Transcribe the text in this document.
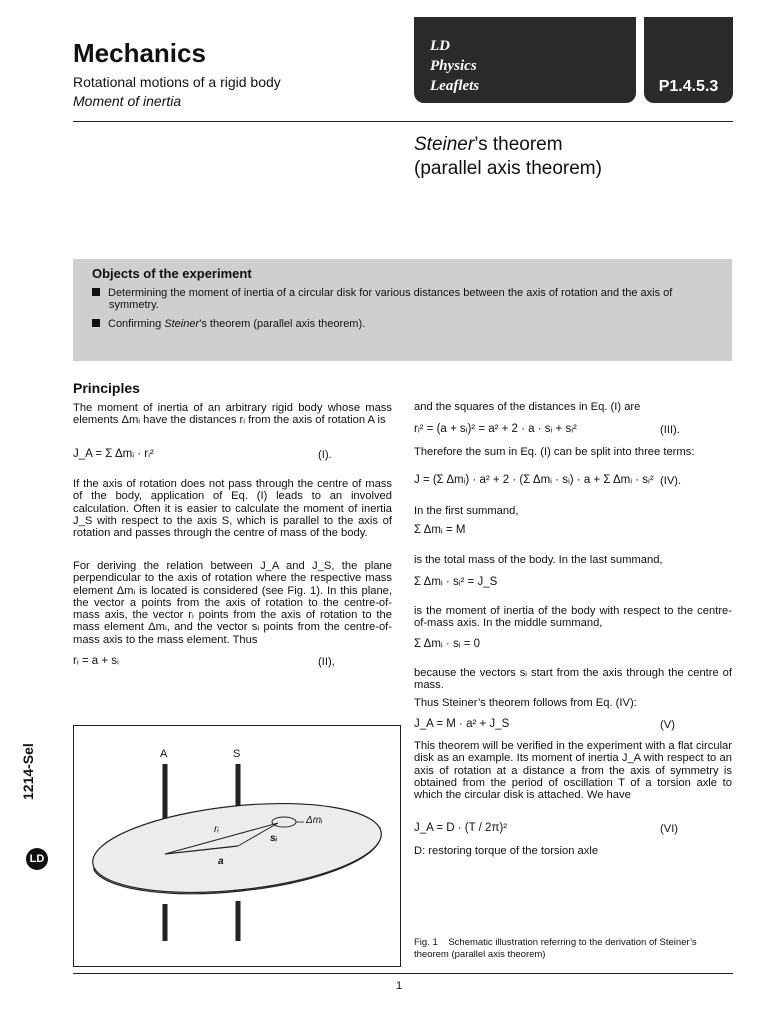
Mechanics
Rotational motions of a rigid body
Moment of inertia
LD
Physics
Leaflets	P1.4.5.3
Steiner’s theorem
(parallel axis theorem)
Objects of the experiment
Determining the moment of inertia of a circular disk for various distances between the axis of rotation and the axis of
symmetry.
Confirming Steiner’s theorem (parallel axis theorem).
Principles
The moment of inertia of an arbitrary rigid body whose mass elements Δmᵢ have the distances rᵢ from the axis of rotation A is
J_A = Σ Δmᵢ · rᵢ²	(I).
If the axis of rotation does not pass through the centre of mass of the body, application of Eq. (I) leads to an involved calculation. Often it is easier to calculate the moment of inertia J_S with respect to the axis S, which is parallel to the axis of rotation and passes through the centre of mass of the body.
For deriving the relation between J_A and J_S, the plane perpendicular to the axis of rotation where the respective mass element Δmᵢ is located is considered (see Fig. 1). In this plane, the vector a points from the axis of rotation to the centre-of-mass axis, the vector rᵢ points from the axis of rotation to the mass element Δmᵢ, and the vector sᵢ points from the centre-of-mass axis to the mass element. Thus
rᵢ = a + sᵢ	(II),
A	S
rᵢ
sᵢ
a
Δmᵢ
and the squares of the distances in Eq. (I) are
rᵢ² = (a + sᵢ)² = a² + 2 · a · sᵢ + sᵢ²	(III).
Therefore the sum in Eq. (I) can be split into three terms:
J = (Σ Δmᵢ) · a² + 2 · (Σ Δmᵢ · sᵢ) · a + Σ Δmᵢ · sᵢ² (IV).
In the first summand,
Σ Δmᵢ = M
is the total mass of the body. In the last summand,
Σ Δmᵢ · sᵢ² = J_S
is the moment of inertia of the body with respect to the centre-of-mass axis. In the middle summand,
Σ Δmᵢ · sᵢ = 0
because the vectors sᵢ start from the axis through the centre of mass.
Thus Steiner’s theorem follows from Eq. (IV):
J_A = M · a² + J_S	(V)
This theorem will be verified in the experiment with a flat circular disk as an example. Its moment of inertia J_A with respect to an axis of rotation at a distance a from the axis of symmetry is obtained from the period of oscillation T of a torsion axle to which the circular disk is attached. We have
J_A = D · (T / 2π)²	(VI)
D: restoring torque of the torsion axle
Fig. 1 Schematic illustration referring to the derivation of Steiner’s theorem (parallel axis theorem)
1
1214-Sel
LD
